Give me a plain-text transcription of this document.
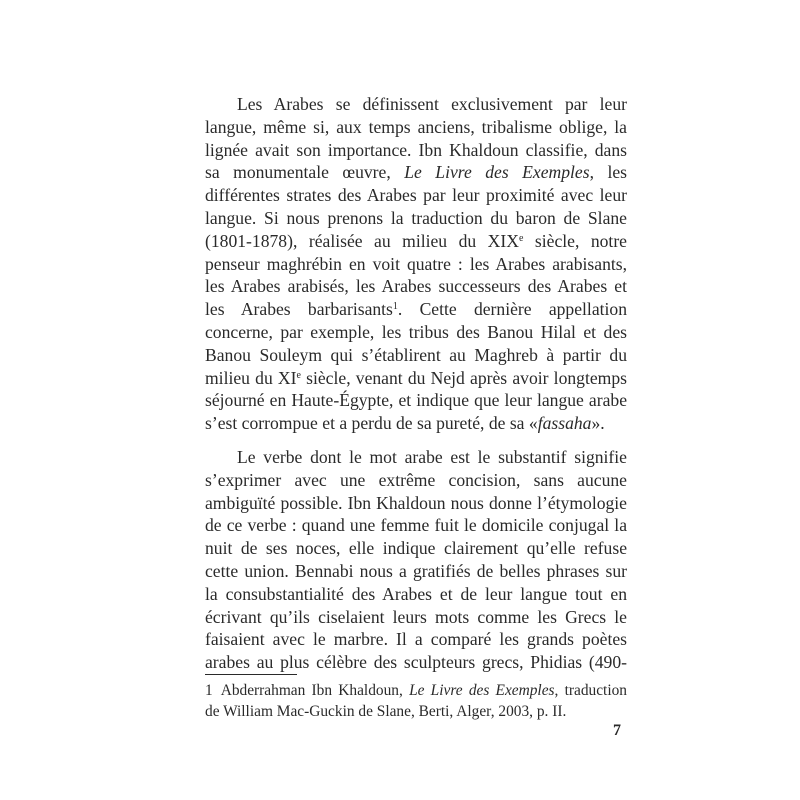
Les Arabes se définissent exclusivement par leur langue, même si, aux temps anciens, tribalisme oblige, la lignée avait son importance. Ibn Khaldoun classifie, dans sa monumentale œuvre, Le Livre des Exemples, les différentes strates des Arabes par leur proximité avec leur langue. Si nous prenons la traduction du baron de Slane (1801-1878), réalisée au milieu du XIXe siècle, notre penseur maghrébin en voit quatre : les Arabes arabisants, les Arabes arabisés, les Arabes successeurs des Arabes et les Arabes barbarisants$^1$. Cette dernière appellation concerne, par exemple, les tribus des Banou Hilal et des Banou Souleym qui s’établirent au Maghreb à partir du milieu du XIe siècle, venant du Nejd après avoir longtemps séjourné en Haute-Égypte, et indique que leur langue arabe s’est corrompue et a perdu de sa pureté, de sa «fassaha».

Le verbe dont le mot arabe est le substantif signifie s’exprimer avec une extrême concision, sans aucune ambiguïté possible. Ibn Khaldoun nous donne l’étymologie de ce verbe : quand une femme fuit le domicile conjugal la nuit de ses noces, elle indique clairement qu’elle refuse cette union. Bennabi nous a gratifiés de belles phrases sur la consubstantialité des Arabes et de leur langue tout en écrivant qu’ils ciselaient leurs mots comme les Grecs le faisaient avec le marbre. Il a comparé les grands poètes arabes au plus célèbre des sculpteurs grecs, Phidias (490-

1 Abderrahman Ibn Khaldoun, Le Livre des Exemples, traduction de William Mac-Guckin de Slane, Berti, Alger, 2003, p. II.

7
